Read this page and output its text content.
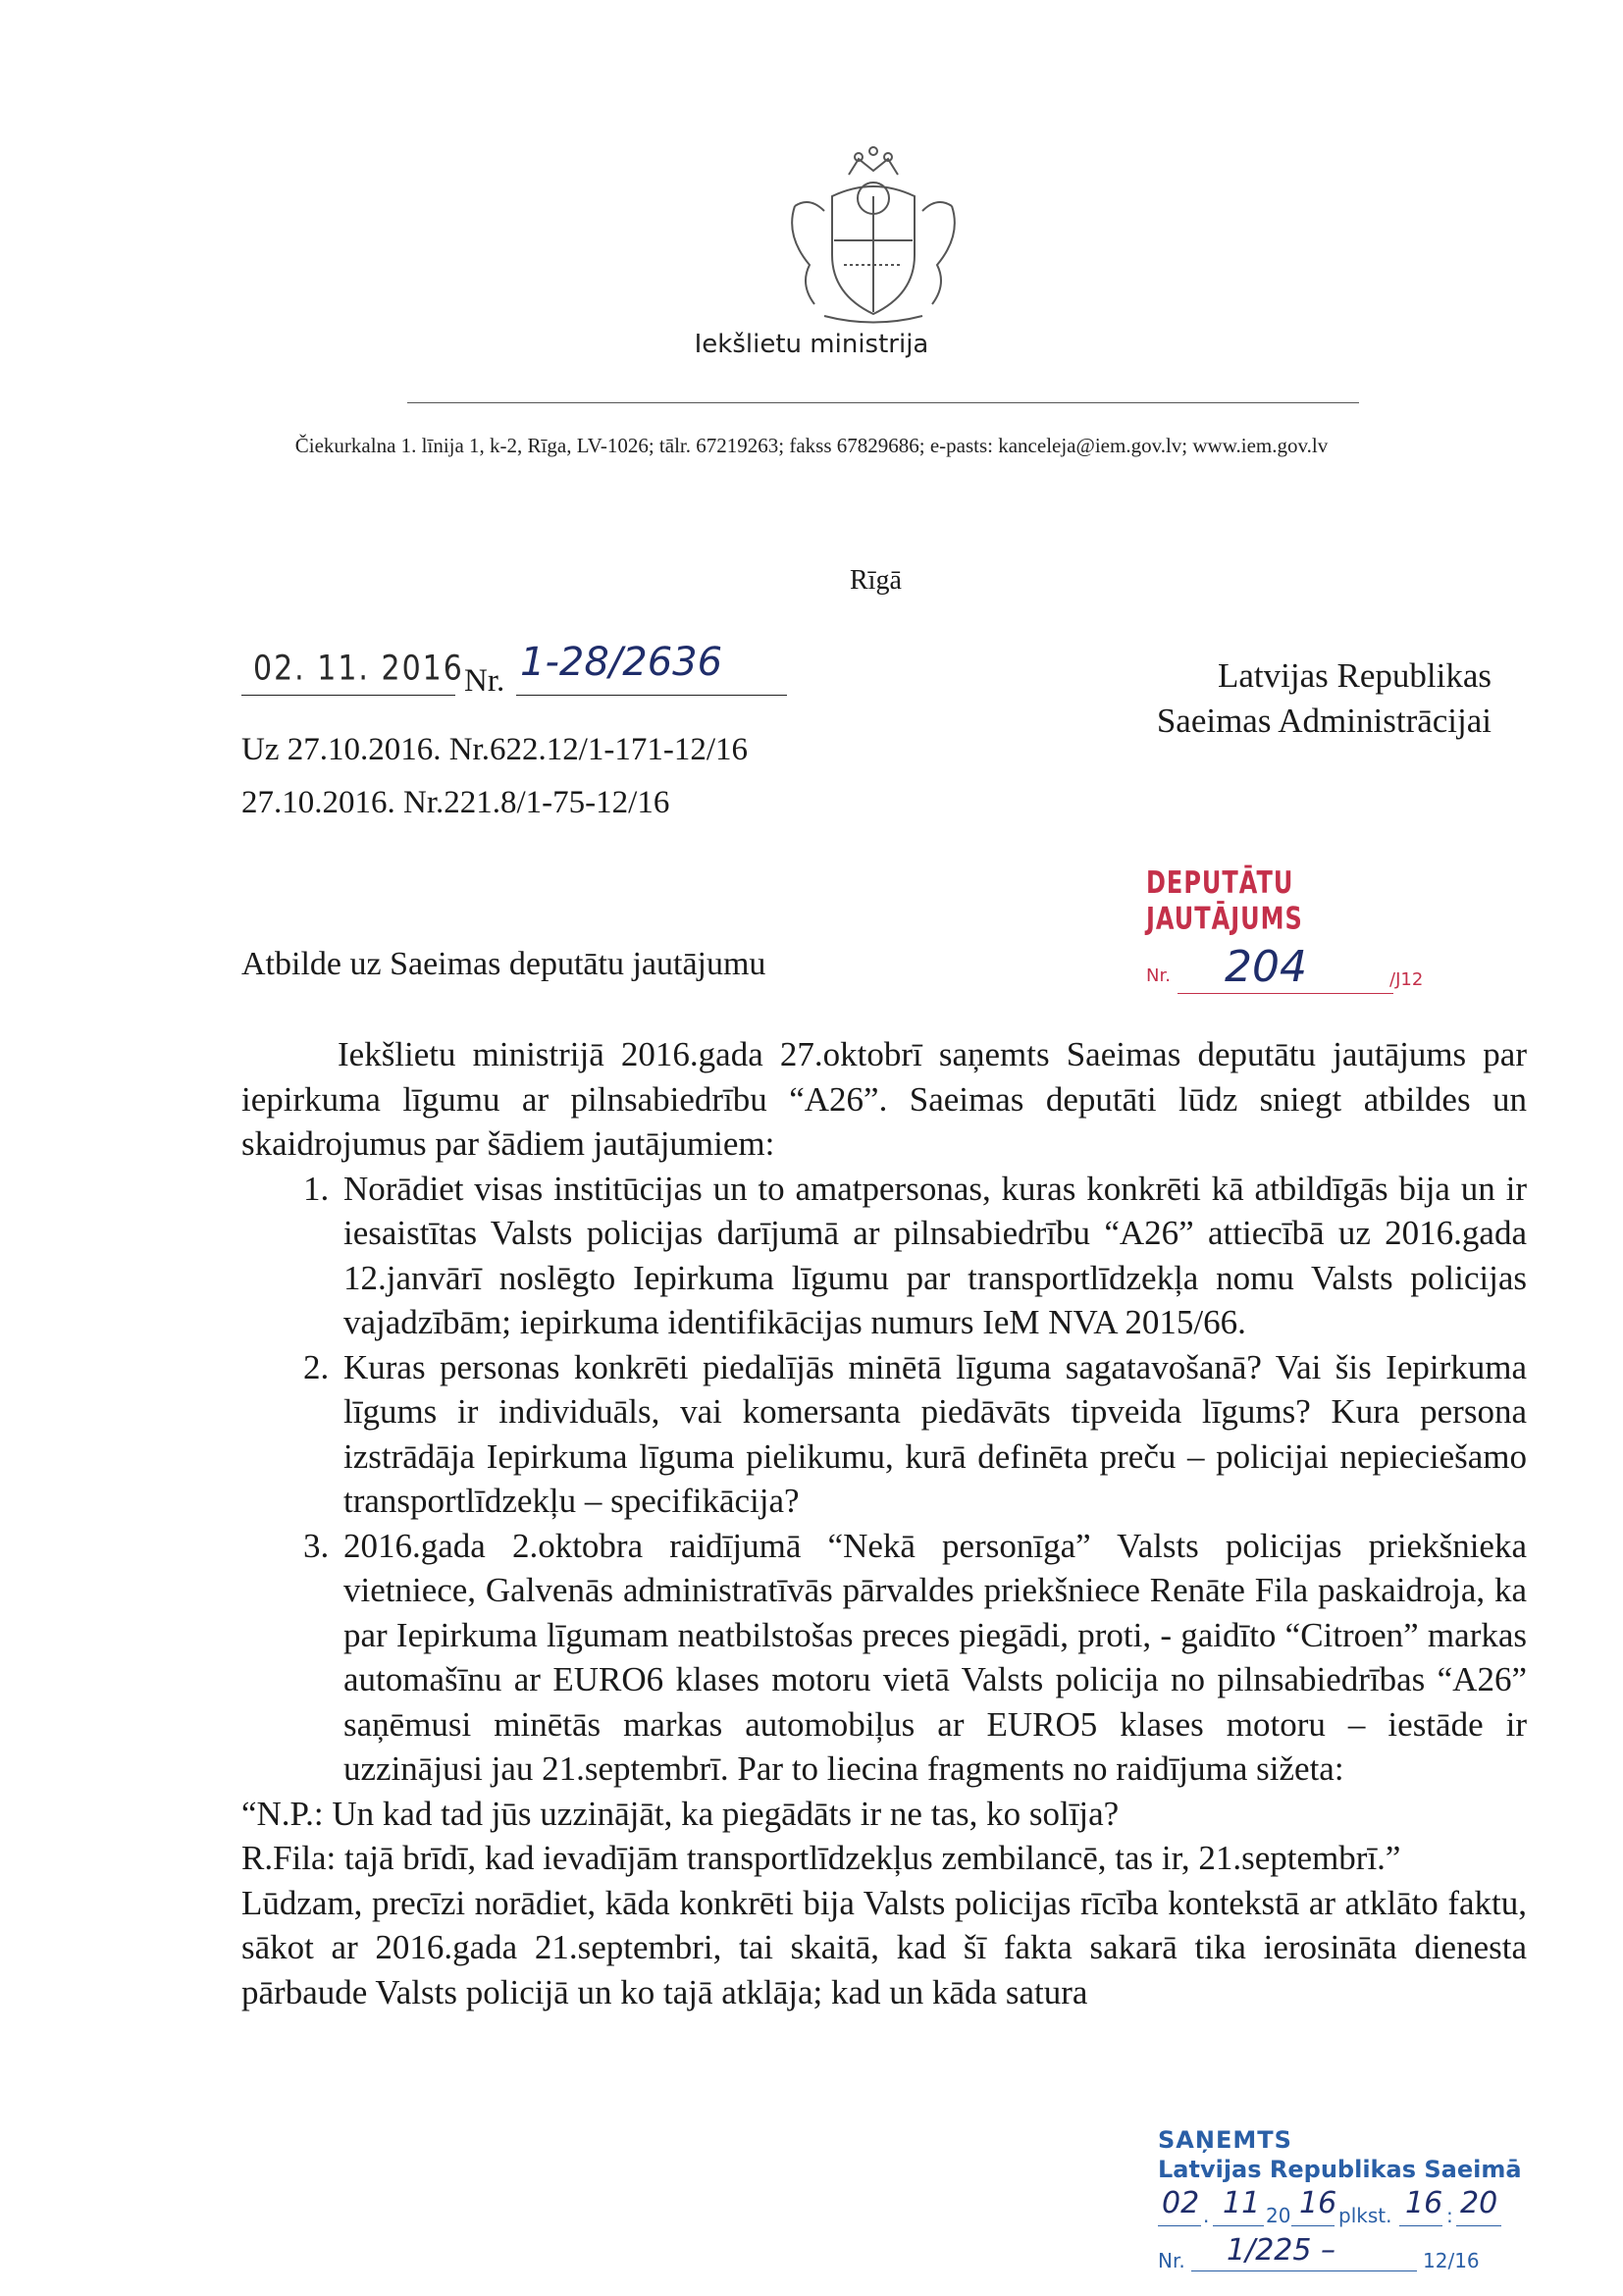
Iekšlietu ministrija
Čiekurkalna 1. līnija 1, k-2, Rīga, LV-1026; tālr. 67219263; fakss 67829686; e-pasts: kanceleja@iem.gov.lv; www.iem.gov.lv
Rīgā
02. 11. 2016 Nr. 1-28/2636
Uz 27.10.2016. Nr.622.12/1-171-12/16
27.10.2016. Nr.221.8/1-75-12/16
Latvijas Republikas
Saeimas Administrācijai
DEPUTĀTU JAUTĀJUMS
Nr. 204	/J12
Atbilde uz Saeimas deputātu jautājumu

Iekšlietu ministrijā 2016.gada 27.oktobrī saņemts Saeimas deputātu jautājums par iepirkuma līgumu ar pilnsabiedrību “A26”. Saeimas deputāti lūdz sniegt atbildes un skaidrojumus par šādiem jautājumiem:

1. Norādiet visas institūcijas un to amatpersonas, kuras konkrēti kā atbildīgās bija un ir iesaistītas Valsts policijas darījumā ar pilnsabiedrību “A26” attiecībā uz 2016.gada 12.janvārī noslēgto Iepirkuma līgumu par transportlīdzekļa nomu Valsts policijas vajadzībām; iepirkuma identifikācijas numurs IeM NVA 2015/66.
2. Kuras personas konkrēti piedalījās minētā līguma sagatavošanā? Vai šis Iepirkuma līgums ir individuāls, vai komersanta piedāvāts tipveida līgums? Kura persona izstrādāja Iepirkuma līguma pielikumu, kurā definēta preču – policijai nepieciešamo transportlīdzekļu – specifikācija?
3. 2016.gada 2.oktobra raidījumā “Nekā personīga” Valsts policijas priekšnieka vietniece, Galvenās administratīvās pārvaldes priekšniece Renāte Fila paskaidroja, ka par Iepirkuma līgumam neatbilstošas preces piegādi, proti, - gaidīto “Citroen” markas automašīnu ar EURO6 klases motoru vietā Valsts policija no pilnsabiedrības “A26” saņēmusi minētās markas automobiļus ar EURO5 klases motoru – iestāde ir uzzinājusi jau 21.septembrī. Par to liecina fragments no raidījuma sižeta:

“N.P.: Un kad tad jūs uzzinājāt, ka piegādāts ir ne tas, ko solīja?

R.Fila: tajā brīdī, kad ievadījām transportlīdzekļus zembilancē, tas ir, 21.septembrī.”

Lūdzam, precīzi norādiet, kāda konkrēti bija Valsts policijas rīcība kontekstā ar atklāto faktu, sākot ar 2016.gada 21.septembri, tai skaitā, kad šī fakta sakarā tika ierosināta dienesta pārbaude Valsts policijā un ko tajā atklāja; kad un kāda satura

SAŅEMTS
Latvijas Republikas Saeimā
02 . 11 20 16 plkst. 16 : 20
Nr. 1/225 –	12/16
